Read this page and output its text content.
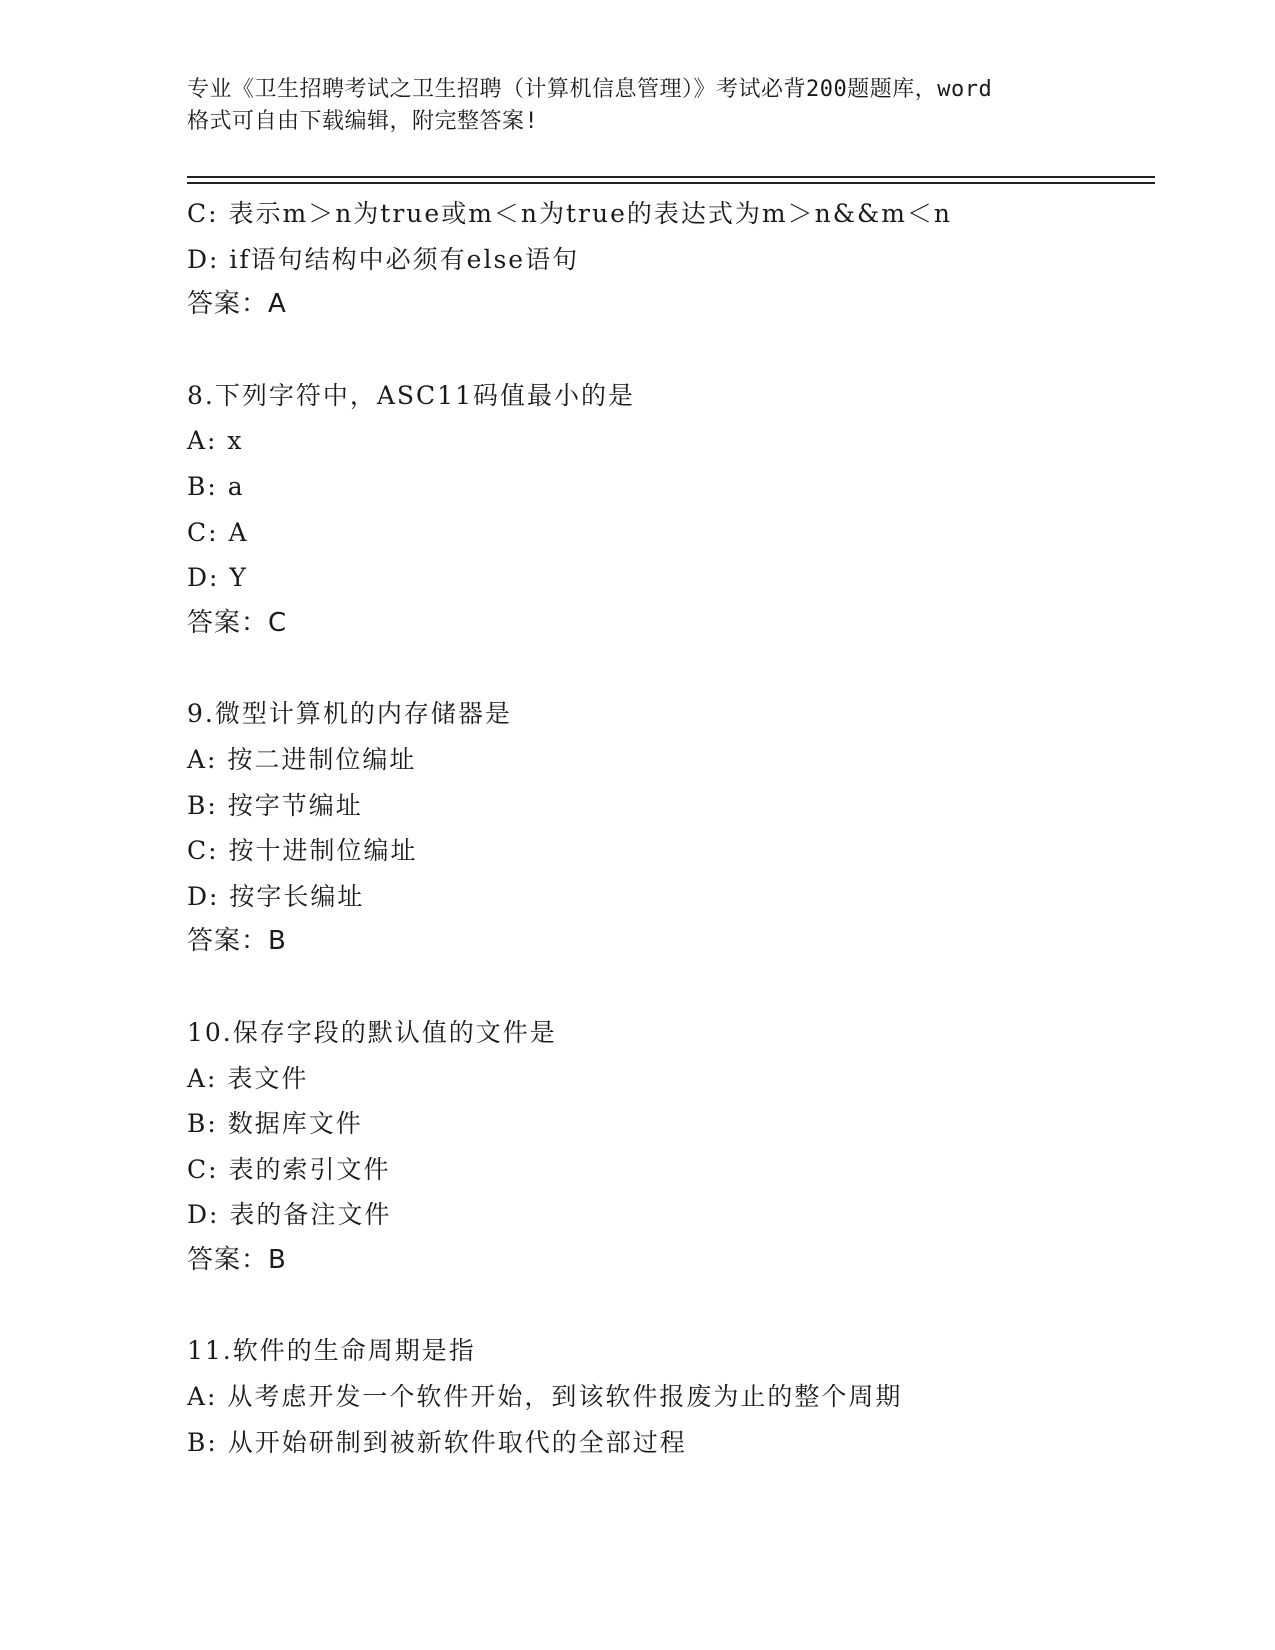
专业《卫生招聘考试之卫生招聘（计算机信息管理）》考试必背200题题库，word
格式可自由下载编辑，附完整答案!
C: 表示m＞n为true或m＜n为true的表达式为m＞n&&m＜n
D: if语句结构中必须有else语句
答案：A
8.下列字符中，ASC11码值最小的是
A: x
B: a
C: A
D: Y
答案：C
9.微型计算机的内存储器是
A: 按二进制位编址
B: 按字节编址
C: 按十进制位编址
D: 按字长编址
答案：B
10.保存字段的默认值的文件是
A: 表文件
B: 数据库文件
C: 表的索引文件
D: 表的备注文件
答案：B
11.软件的生命周期是指
A: 从考虑开发一个软件开始，到该软件报废为止的整个周期
B: 从开始研制到被新软件取代的全部过程
